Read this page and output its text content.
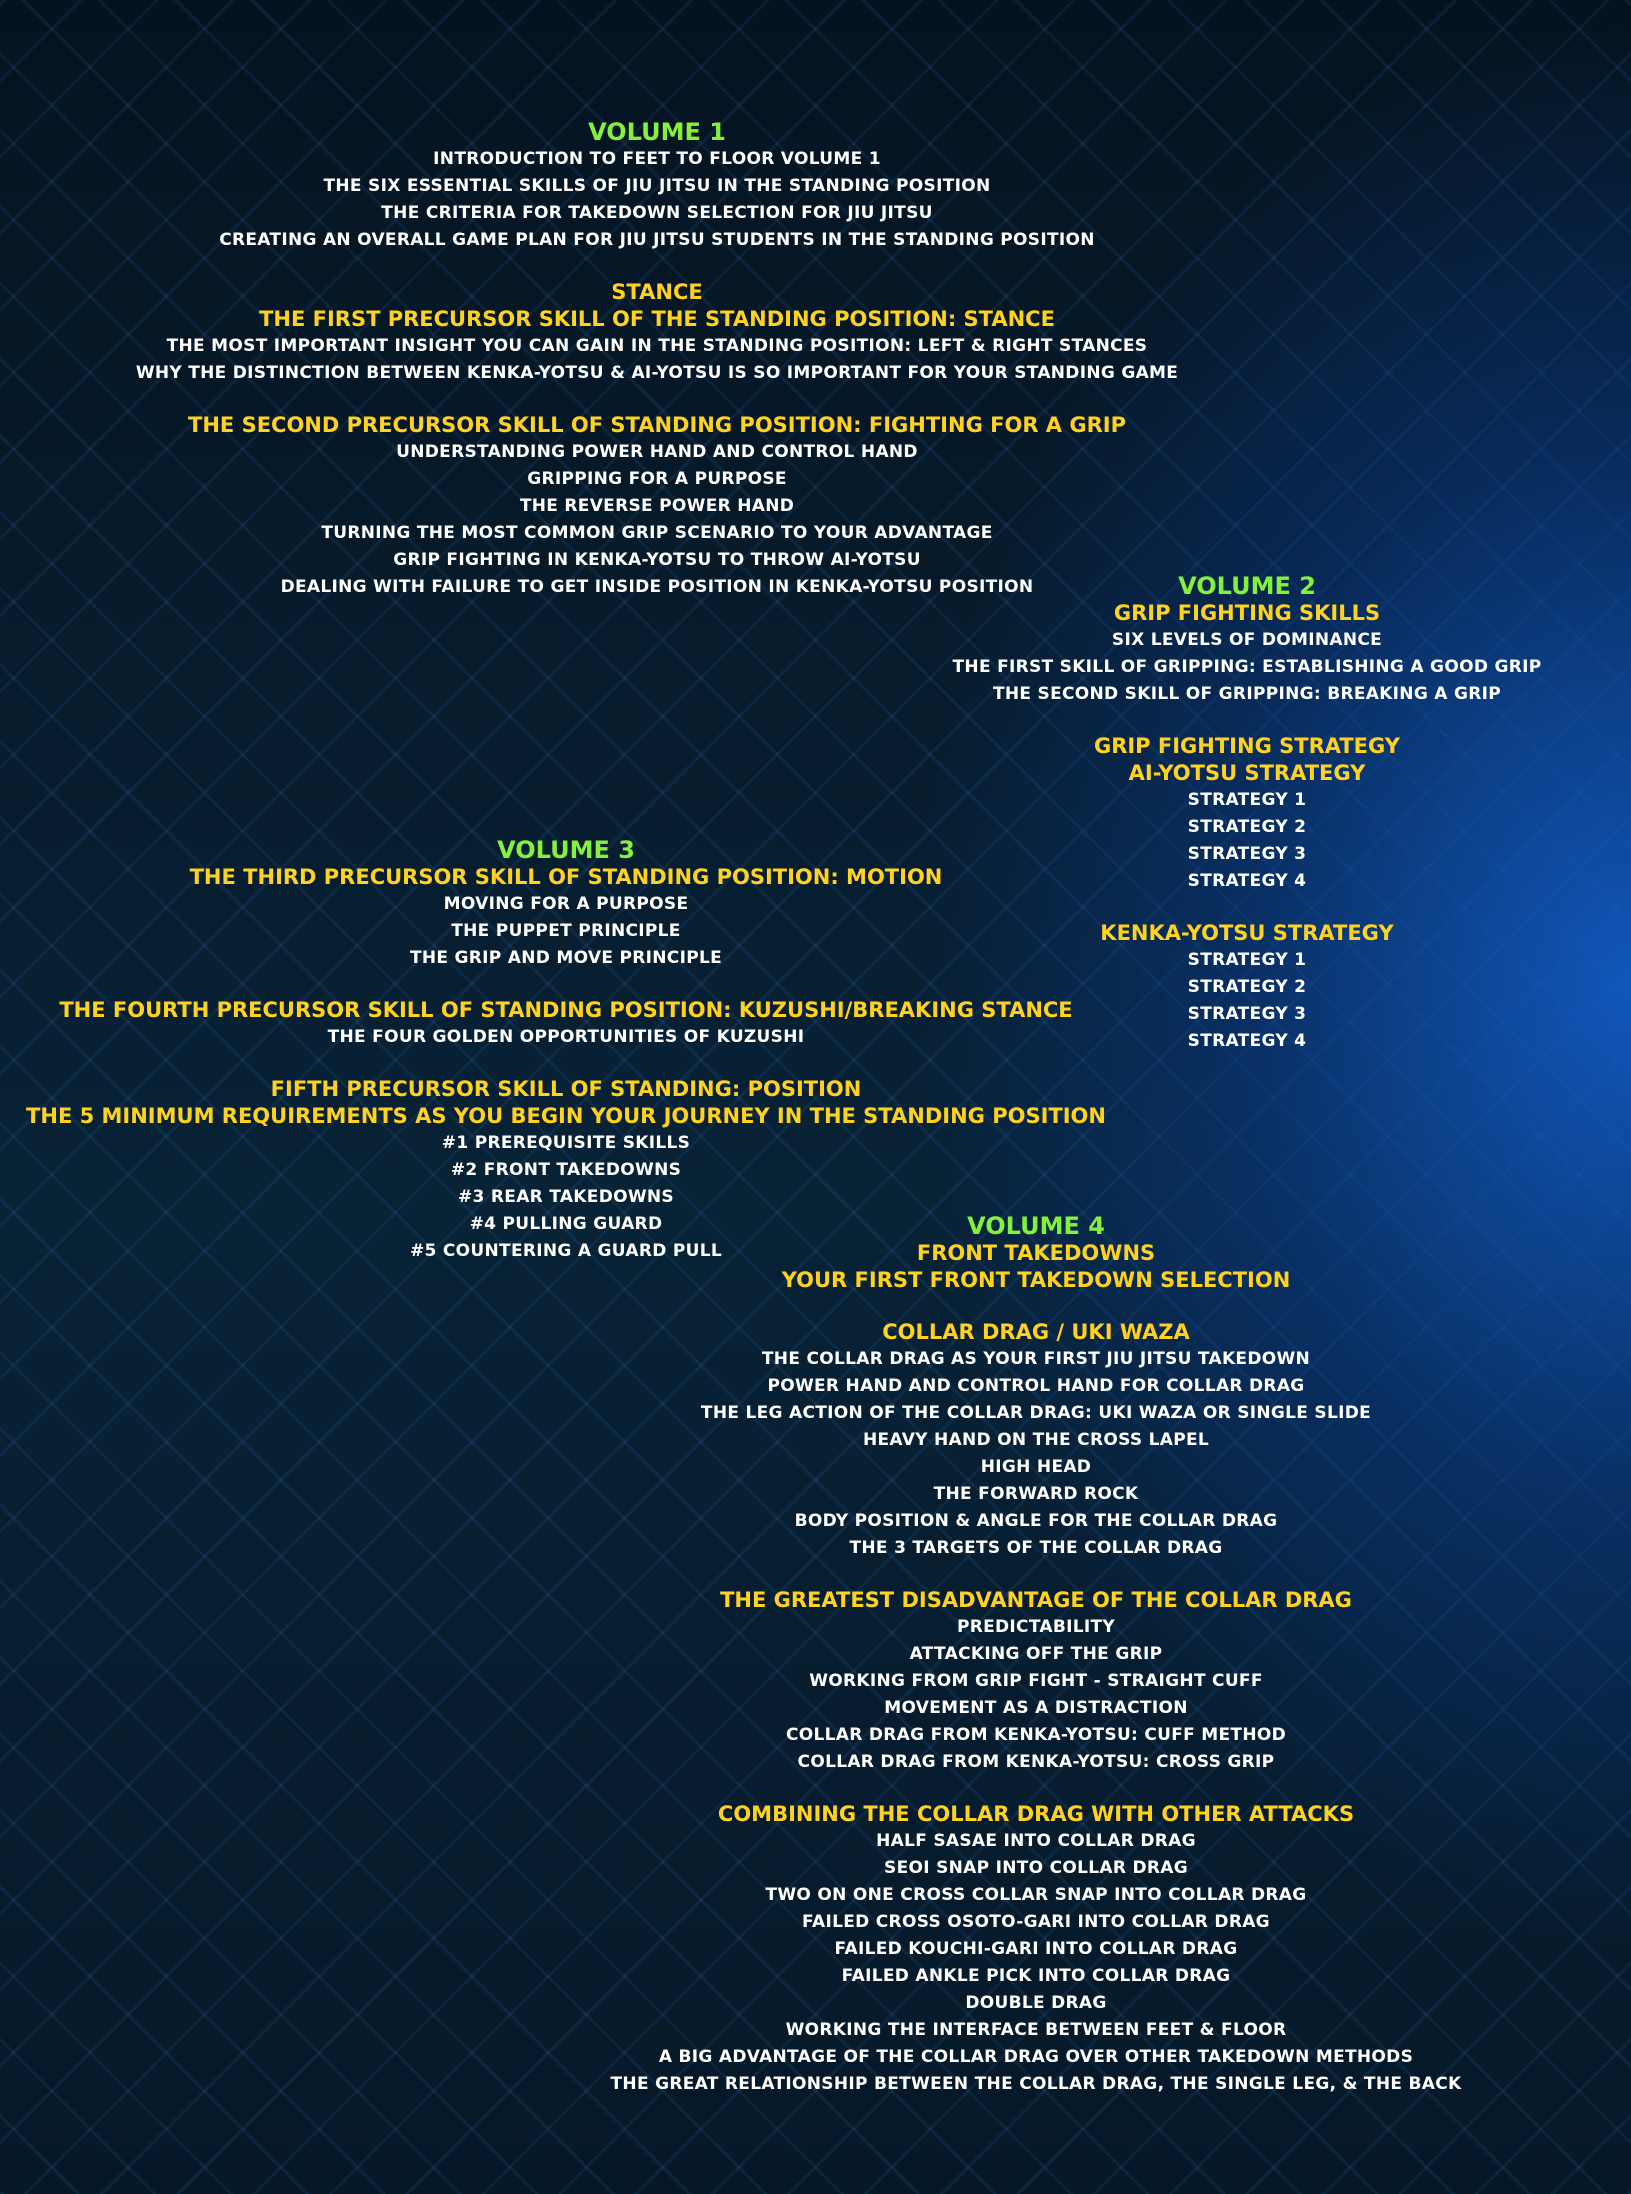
VOLUME 1
INTRODUCTION TO FEET TO FLOOR VOLUME 1
THE SIX ESSENTIAL SKILLS OF JIU JITSU IN THE STANDING POSITION
THE CRITERIA FOR TAKEDOWN SELECTION FOR JIU JITSU
CREATING AN OVERALL GAME PLAN FOR JIU JITSU STUDENTS IN THE STANDING POSITION
STANCE
THE FIRST PRECURSOR SKILL OF THE STANDING POSITION: STANCE
THE MOST IMPORTANT INSIGHT YOU CAN GAIN IN THE STANDING POSITION: LEFT & RIGHT STANCES
WHY THE DISTINCTION BETWEEN KENKA-YOTSU & AI-YOTSU IS SO IMPORTANT FOR YOUR STANDING GAME
THE SECOND PRECURSOR SKILL OF STANDING POSITION: FIGHTING FOR A GRIP
UNDERSTANDING POWER HAND AND CONTROL HAND
GRIPPING FOR A PURPOSE
THE REVERSE POWER HAND
TURNING THE MOST COMMON GRIP SCENARIO TO YOUR ADVANTAGE
GRIP FIGHTING IN KENKA-YOTSU TO THROW AI-YOTSU
DEALING WITH FAILURE TO GET INSIDE POSITION IN KENKA-YOTSU POSITION	VOLUME 2
GRIP FIGHTING SKILLS
SIX LEVELS OF DOMINANCE
THE FIRST SKILL OF GRIPPING: ESTABLISHING A GOOD GRIP
THE SECOND SKILL OF GRIPPING: BREAKING A GRIP
GRIP FIGHTING STRATEGY
AI-YOTSU STRATEGY
STRATEGY 1
STRATEGY 2
STRATEGY 3
STRATEGY 4
KENKA-YOTSU STRATEGY
STRATEGY 1
STRATEGY 2
STRATEGY 3
STRATEGY 4
VOLUME 3
THE THIRD PRECURSOR SKILL OF STANDING POSITION: MOTION
MOVING FOR A PURPOSE
THE PUPPET PRINCIPLE
THE GRIP AND MOVE PRINCIPLE
THE FOURTH PRECURSOR SKILL OF STANDING POSITION: KUZUSHI/BREAKING STANCE
THE FOUR GOLDEN OPPORTUNITIES OF KUZUSHI
FIFTH PRECURSOR SKILL OF STANDING: POSITION
THE 5 MINIMUM REQUIREMENTS AS YOU BEGIN YOUR JOURNEY IN THE STANDING POSITION
#1 PREREQUISITE SKILLS
#2 FRONT TAKEDOWNS
#3 REAR TAKEDOWNS
#4 PULLING GUARD
#5 COUNTERING A GUARD PULL
VOLUME 4
FRONT TAKEDOWNS
YOUR FIRST FRONT TAKEDOWN SELECTION
COLLAR DRAG / UKI WAZA
THE COLLAR DRAG AS YOUR FIRST JIU JITSU TAKEDOWN
POWER HAND AND CONTROL HAND FOR COLLAR DRAG
THE LEG ACTION OF THE COLLAR DRAG: UKI WAZA OR SINGLE SLIDE
HEAVY HAND ON THE CROSS LAPEL
HIGH HEAD
THE FORWARD ROCK
BODY POSITION & ANGLE FOR THE COLLAR DRAG
THE 3 TARGETS OF THE COLLAR DRAG
THE GREATEST DISADVANTAGE OF THE COLLAR DRAG
PREDICTABILITY
ATTACKING OFF THE GRIP
WORKING FROM GRIP FIGHT - STRAIGHT CUFF
MOVEMENT AS A DISTRACTION
COLLAR DRAG FROM KENKA-YOTSU: CUFF METHOD
COLLAR DRAG FROM KENKA-YOTSU: CROSS GRIP
COMBINING THE COLLAR DRAG WITH OTHER ATTACKS
HALF SASAE INTO COLLAR DRAG
SEOI SNAP INTO COLLAR DRAG
TWO ON ONE CROSS COLLAR SNAP INTO COLLAR DRAG
FAILED CROSS OSOTO-GARI INTO COLLAR DRAG
FAILED KOUCHI-GARI INTO COLLAR DRAG
FAILED ANKLE PICK INTO COLLAR DRAG
DOUBLE DRAG
WORKING THE INTERFACE BETWEEN FEET & FLOOR
A BIG ADVANTAGE OF THE COLLAR DRAG OVER OTHER TAKEDOWN METHODS
THE GREAT RELATIONSHIP BETWEEN THE COLLAR DRAG, THE SINGLE LEG, & THE BACK
